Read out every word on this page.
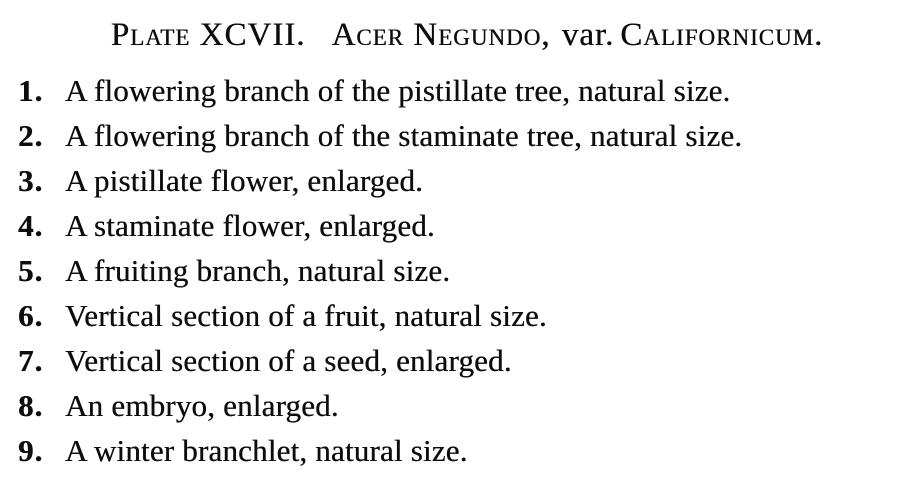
Plate XCVII. Acer Negundo, var. Californicum.
1. A flowering branch of the pistillate tree, natural size.
2. A flowering branch of the staminate tree, natural size.
3. A pistillate flower, enlarged.
4. A staminate flower, enlarged.
5. A fruiting branch, natural size.
6. Vertical section of a fruit, natural size.
7. Vertical section of a seed, enlarged.
8. An embryo, enlarged.
9. A winter branchlet, natural size.
